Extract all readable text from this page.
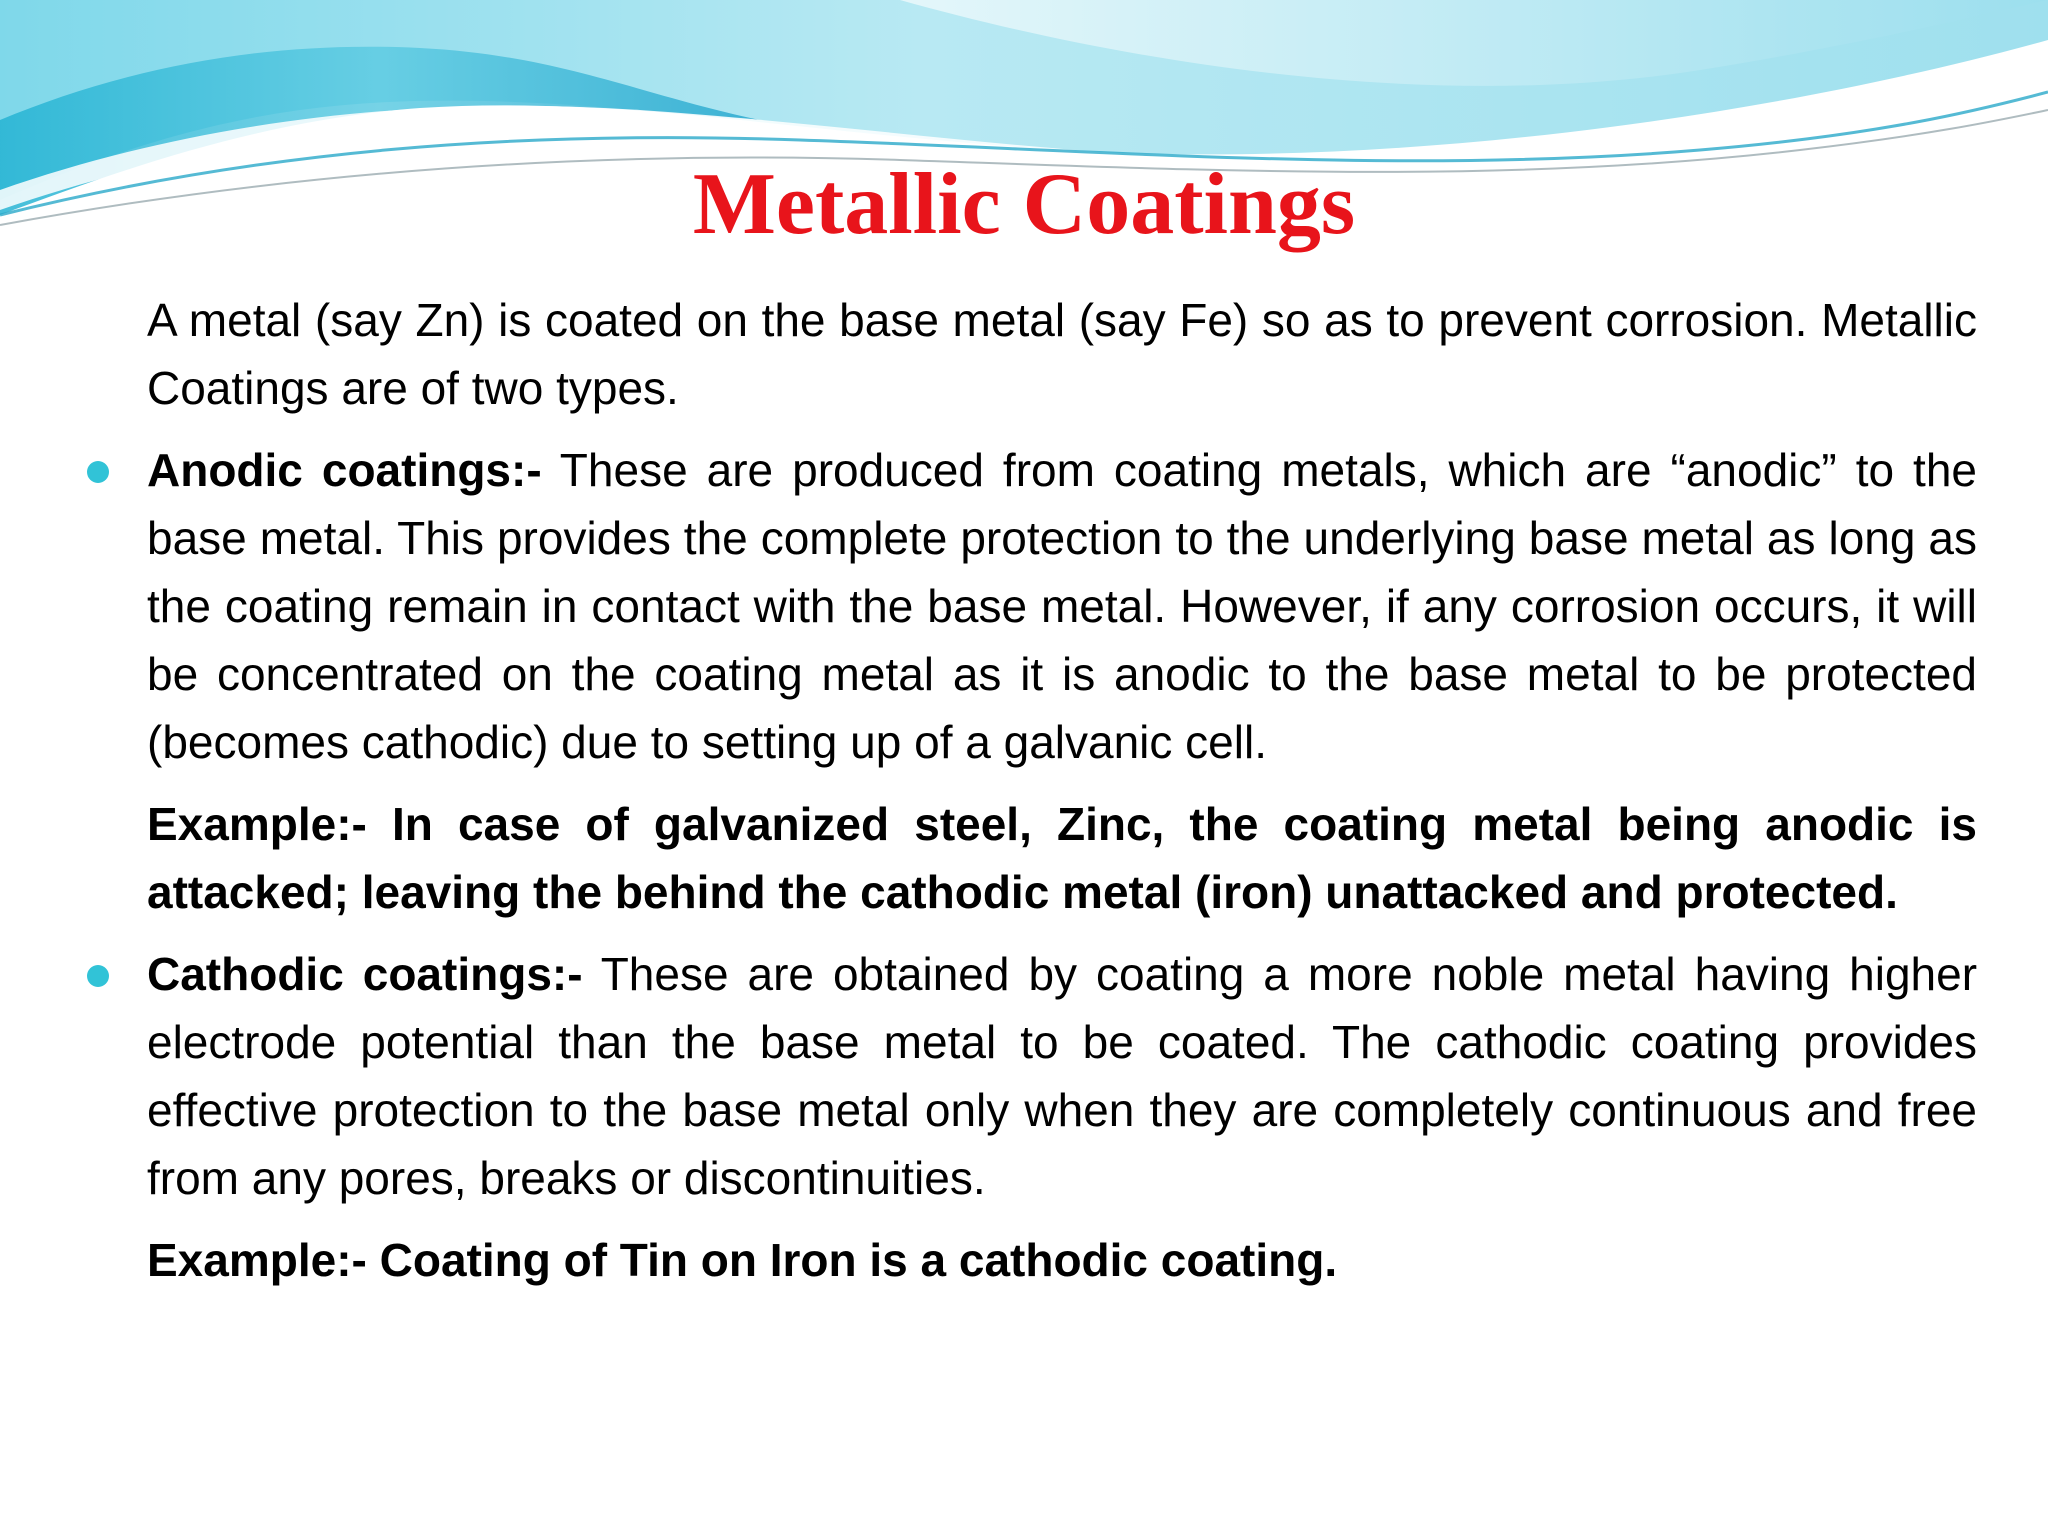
Metallic Coatings

A metal (say Zn) is coated on the base metal (say Fe) so as to prevent corrosion. Metallic Coatings are of two types.

Anodic coatings:- These are produced from coating metals, which are “anodic” to the base metal. This provides the complete protection to the underlying base metal as long as the coating remain in contact with the base metal. However, if any corrosion occurs, it will be concentrated on the coating metal as it is anodic to the base metal to be protected (becomes cathodic) due to setting up of a galvanic cell.

Example:- In case of galvanized steel, Zinc, the coating metal being anodic is attacked; leaving the behind the cathodic metal (iron) unattacked and protected.

Cathodic coatings:- These are obtained by coating a more noble metal having higher electrode potential than the base metal to be coated. The cathodic coating provides effective protection to the base metal only when they are completely continuous and free from any pores, breaks or discontinuities.

Example:- Coating of Tin on Iron is a cathodic coating.
